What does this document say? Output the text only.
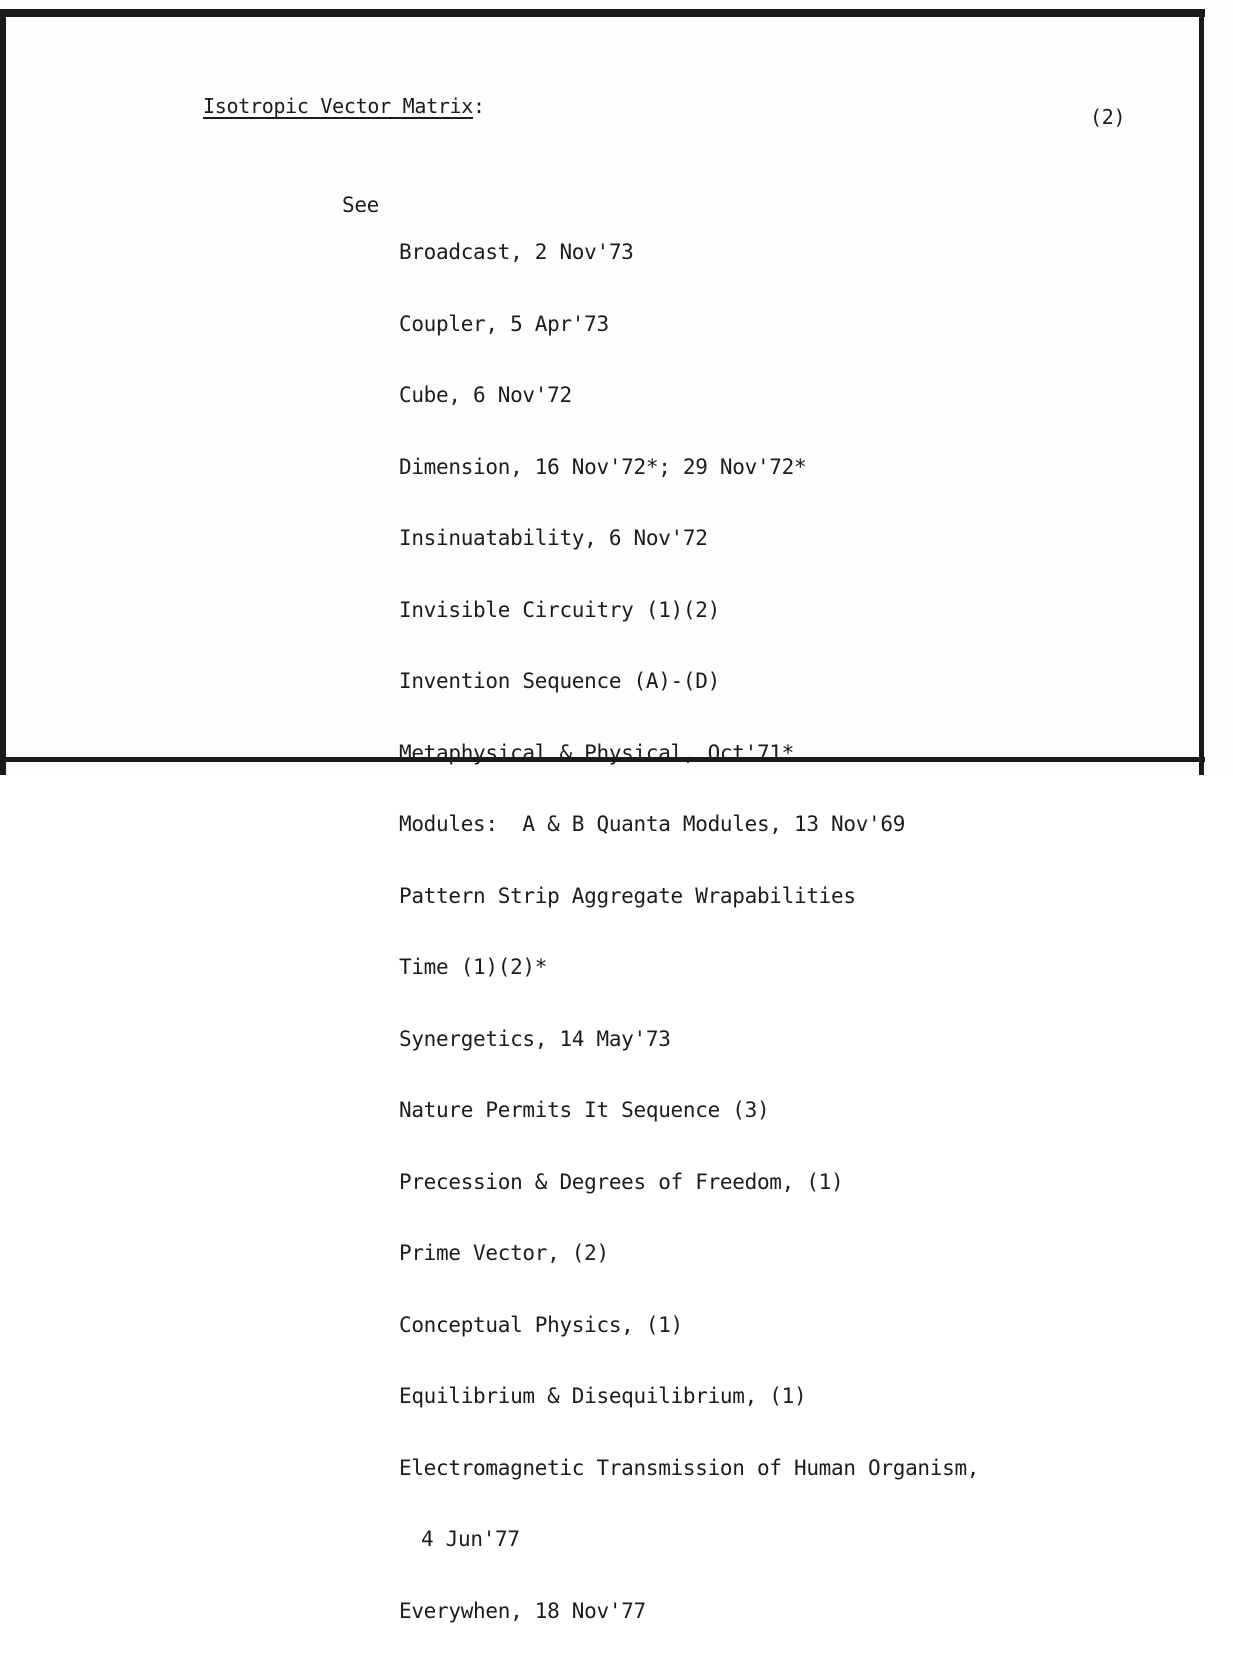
Isotropic Vector Matrix:	(2)
See

Broadcast, 2 Nov'73

Coupler, 5 Apr'73

Cube, 6 Nov'72

Dimension, 16 Nov'72*; 29 Nov'72*

Insinuatability, 6 Nov'72

Invisible Circuitry (1)(2)

Invention Sequence (A)-(D)

Metaphysical & Physical, Oct'71*

Modules:  A & B Quanta Modules, 13 Nov'69

Pattern Strip Aggregate Wrapabilities

Time (1)(2)*

Synergetics, 14 May'73

Nature Permits It Sequence (3)

Precession & Degrees of Freedom, (1)

Prime Vector, (2)

Conceptual Physics, (1)

Equilibrium & Disequilibrium, (1)

Electromagnetic Transmission of Human Organism,

4 Jun'77

Everywhen, 18 Nov'77
